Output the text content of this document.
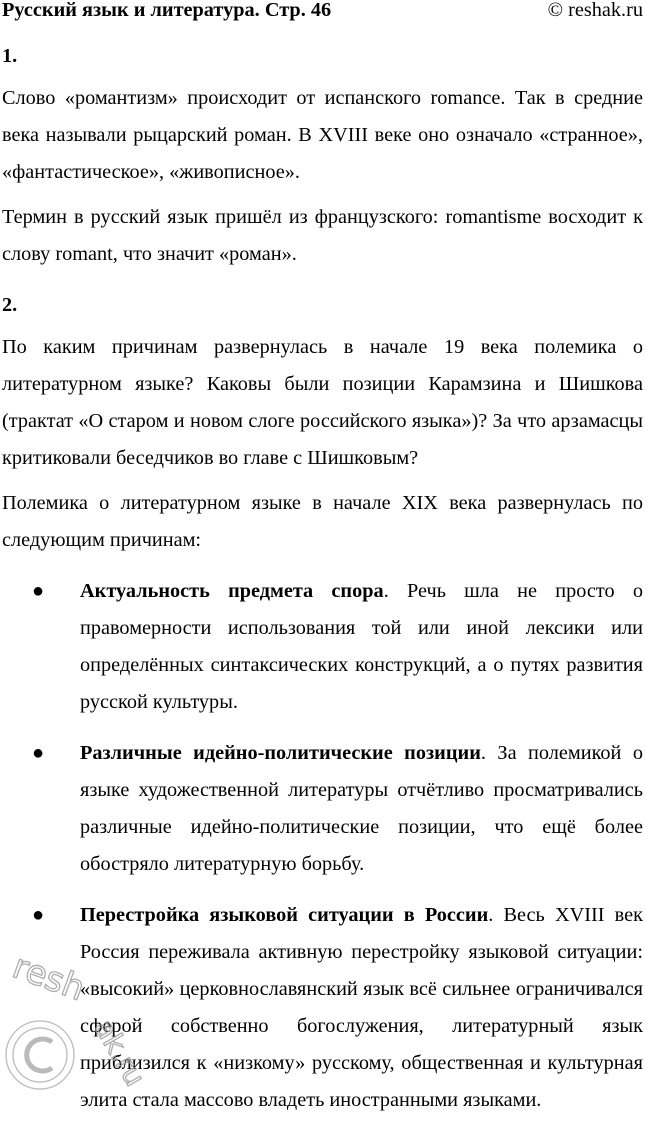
Русский язык и литература. Стр. 46	© reshak.ru
1.

Слово «романтизм» происходит от испанского romance. Так в средние века называли рыцарский роман. В XVIII веке оно означало «странное», «фантастическое», «живописное».

Термин в русский язык пришёл из французского: romantisme восходит к слову romant, что значит «роман».

2.

По каким причинам развернулась в начале 19 века полемика о литературном языке? Каковы были позиции Карамзина и Шишкова (трактат «О старом и новом слоге российского языка»)? За что арзамасцы критиковали беседчиков во главе с Шишковым?

Полемика о литературном языке в начале XIX века развернулась по следующим причинам:

● Актуальность предмета спора. Речь шла не просто о правомерности использования той или иной лексики или определённых синтаксических конструкций, а о путях развития русской культуры.
● Различные идейно-политические позиции. За полемикой о языке художественной литературы отчётливо просматривались различные идейно-политические позиции, что ещё более обостряло литературную борьбу.
● Перестройка языковой ситуации в России. Весь XVIII век Россия переживала активную перестройку языковой ситуации: «высокий» церковнославянский язык всё сильнее ограничивался сферой собственно богослужения, литературный язык приблизился к «низкому» русскому, общественная и культурная элита стала массово владеть иностранными языками.
resh
ak.ru
